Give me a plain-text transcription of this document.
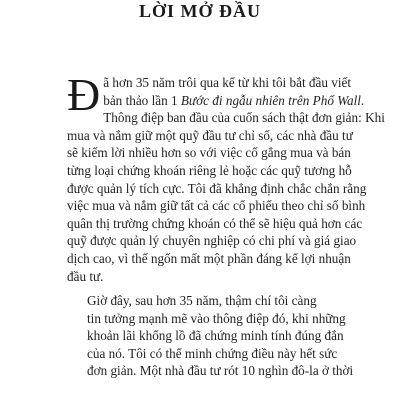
LỜI MỞ ĐẦU
Đ ã hơn 35 năm trôi qua kể từ khi tôi bắt đầu viết
bản thảo lần 1 Bước đi ngẫu nhiên trên Phố Wall.
Thông điệp ban đầu của cuốn sách thật đơn giản: Khi
mua và nắm giữ một quỹ đầu tư chỉ số, các nhà đầu tư
sẽ kiếm lời nhiều hơn so với việc cố gắng mua và bán
từng loại chứng khoán riêng lẻ hoặc các quỹ tương hỗ
được quản lý tích cực. Tôi đã khẳng định chắc chắn rằng
việc mua và nắm giữ tất cả các cổ phiếu theo chỉ số bình
quân thị trường chứng khoán có thể sẽ hiệu quả hơn các
quỹ được quản lý chuyên nghiệp có chi phí và giá giao
dịch cao, vì thế ngốn mất một phần đáng kể lợi nhuận
đầu tư.
Giờ đây, sau hơn 35 năm, thậm chí tôi càng
tin tưởng mạnh mẽ vào thông điệp đó, khi những
khoản lãi khổng lồ đã chứng minh tính đúng đắn
của nó. Tôi có thể minh chứng điều này hết sức
đơn giản. Một nhà đầu tư rót 10 nghìn đô-la ở thời
